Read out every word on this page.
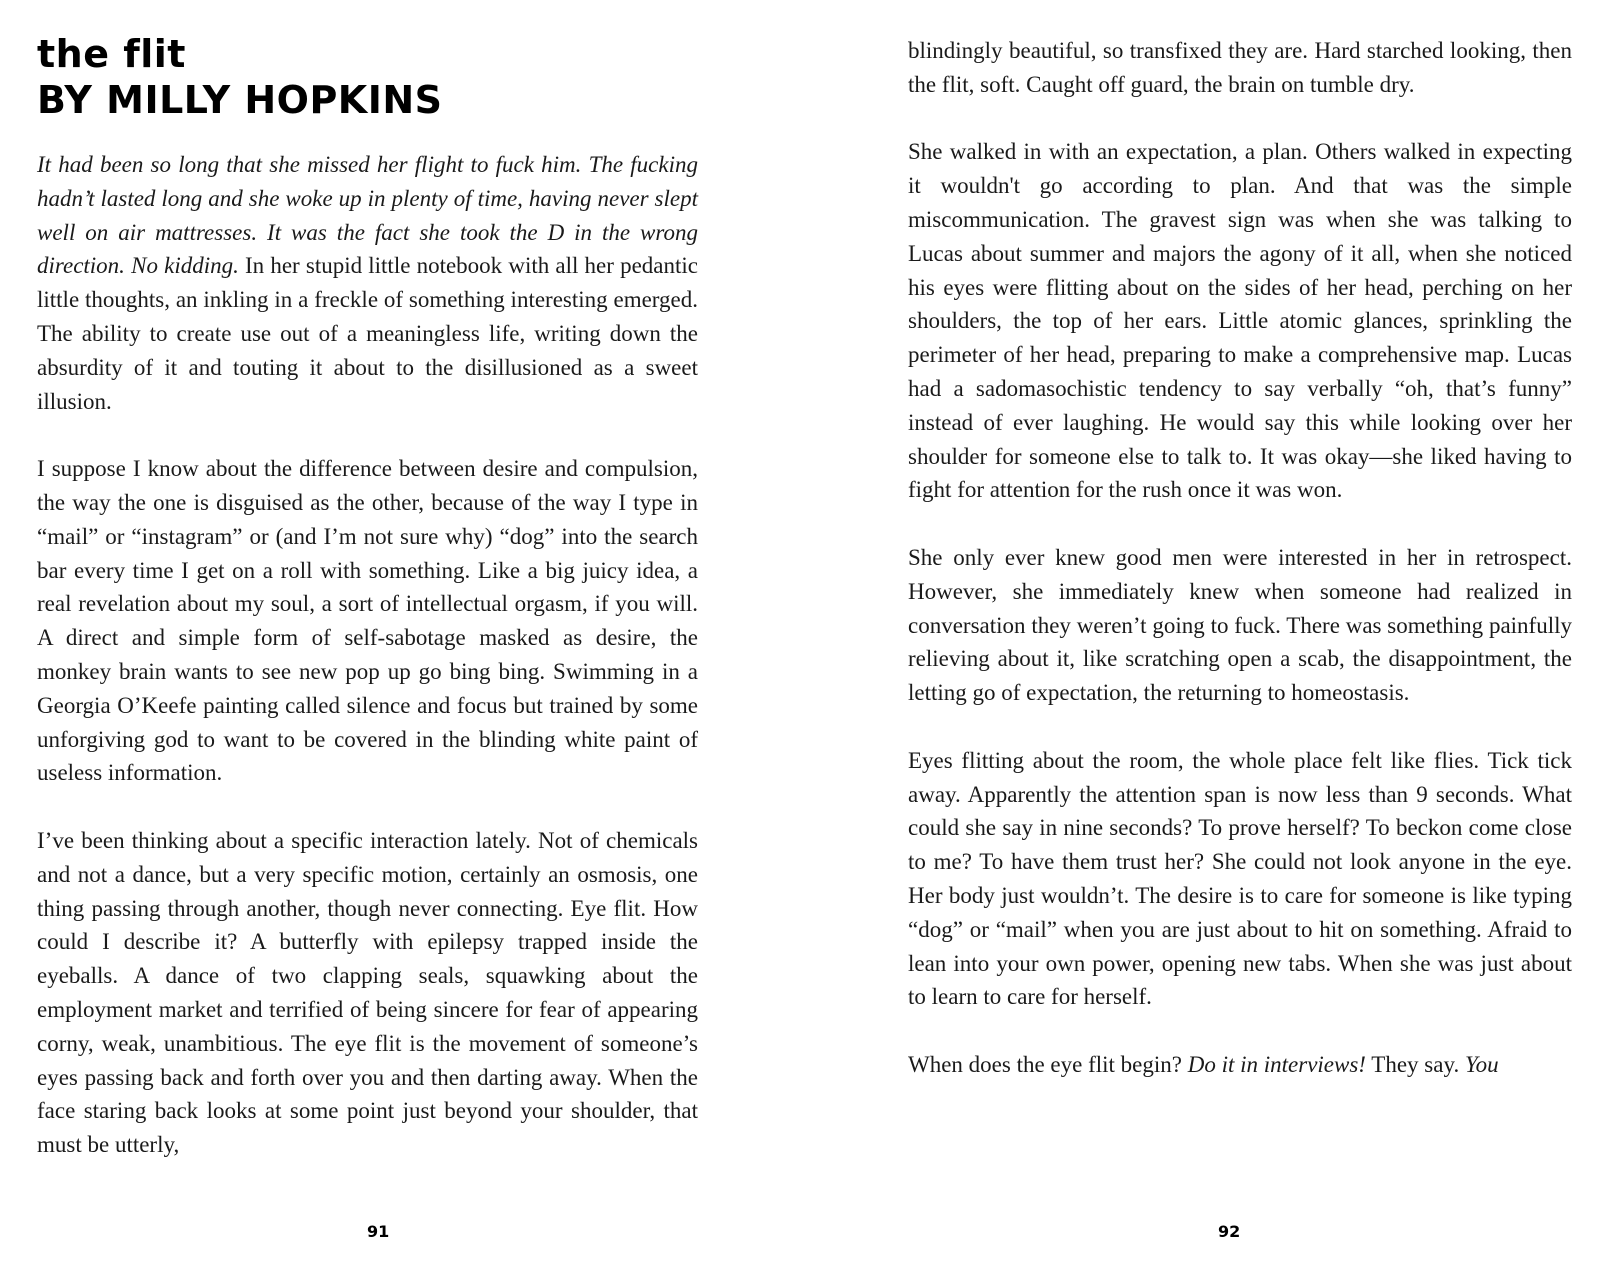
the flit
BY MILLY HOPKINS

It had been so long that she missed her flight to fuck him. The fucking hadn’t lasted long and she woke up in plenty of time, having never slept well on air mattresses. It was the fact she took the D in the wrong direction. No kidding. In her stupid little notebook with all her pedantic little thoughts, an inkling in a freckle of something interesting emerged. The ability to create use out of a meaningless life, writing down the absurdity of it and touting it about to the disillusioned as a sweet illusion.

I suppose I know about the difference between desire and compulsion, the way the one is disguised as the other, because of the way I type in “mail” or “instagram” or (and I’m not sure why) “dog” into the search bar every time I get on a roll with something. Like a big juicy idea, a real revelation about my soul, a sort of intellectual orgasm, if you will. A direct and simple form of self-sabotage masked as desire, the monkey brain wants to see new pop up go bing bing. Swimming in a Georgia O’Keefe painting called silence and focus but trained by some unforgiving god to want to be covered in the blinding white paint of useless information.

I’ve been thinking about a specific interaction lately. Not of chemicals and not a dance, but a very specific motion, certainly an osmosis, one thing passing through another, though never connecting. Eye flit. How could I describe it? A butterfly with epilepsy trapped inside the eyeballs. A dance of two clapping seals, squawking about the employment market and terrified of being sincere for fear of appearing corny, weak, unambitious. The eye flit is the movement of someone’s eyes passing back and forth over you and then darting away. When the face staring back looks at some point just beyond your shoulder, that must be utterly,

91

blindingly beautiful, so transfixed they are. Hard starched looking, then the flit, soft. Caught off guard, the brain on tumble dry.

She walked in with an expectation, a plan. Others walked in expecting it wouldn't go according to plan. And that was the simple miscommunication. The gravest sign was when she was talking to Lucas about summer and majors the agony of it all, when she noticed his eyes were flitting about on the sides of her head, perching on her shoulders, the top of her ears. Little atomic glances, sprinkling the perimeter of her head, preparing to make a comprehensive map. Lucas had a sadomasochistic tendency to say verbally “oh, that’s funny” instead of ever laughing. He would say this while looking over her shoulder for someone else to talk to. It was okay—she liked having to fight for attention for the rush once it was won.

She only ever knew good men were interested in her in retrospect. However, she immediately knew when someone had realized in conversation they weren’t going to fuck. There was something painfully relieving about it, like scratching open a scab, the disappointment, the letting go of expectation, the returning to homeostasis.

Eyes flitting about the room, the whole place felt like flies. Tick tick away. Apparently the attention span is now less than 9 seconds. What could she say in nine seconds? To prove herself? To beckon come close to me? To have them trust her? She could not look anyone in the eye. Her body just wouldn’t. The desire is to care for someone is like typing “dog” or “mail” when you are just about to hit on something. Afraid to lean into your own power, opening new tabs. When she was just about to learn to care for herself.

When does the eye flit begin? Do it in interviews! They say. You

92
